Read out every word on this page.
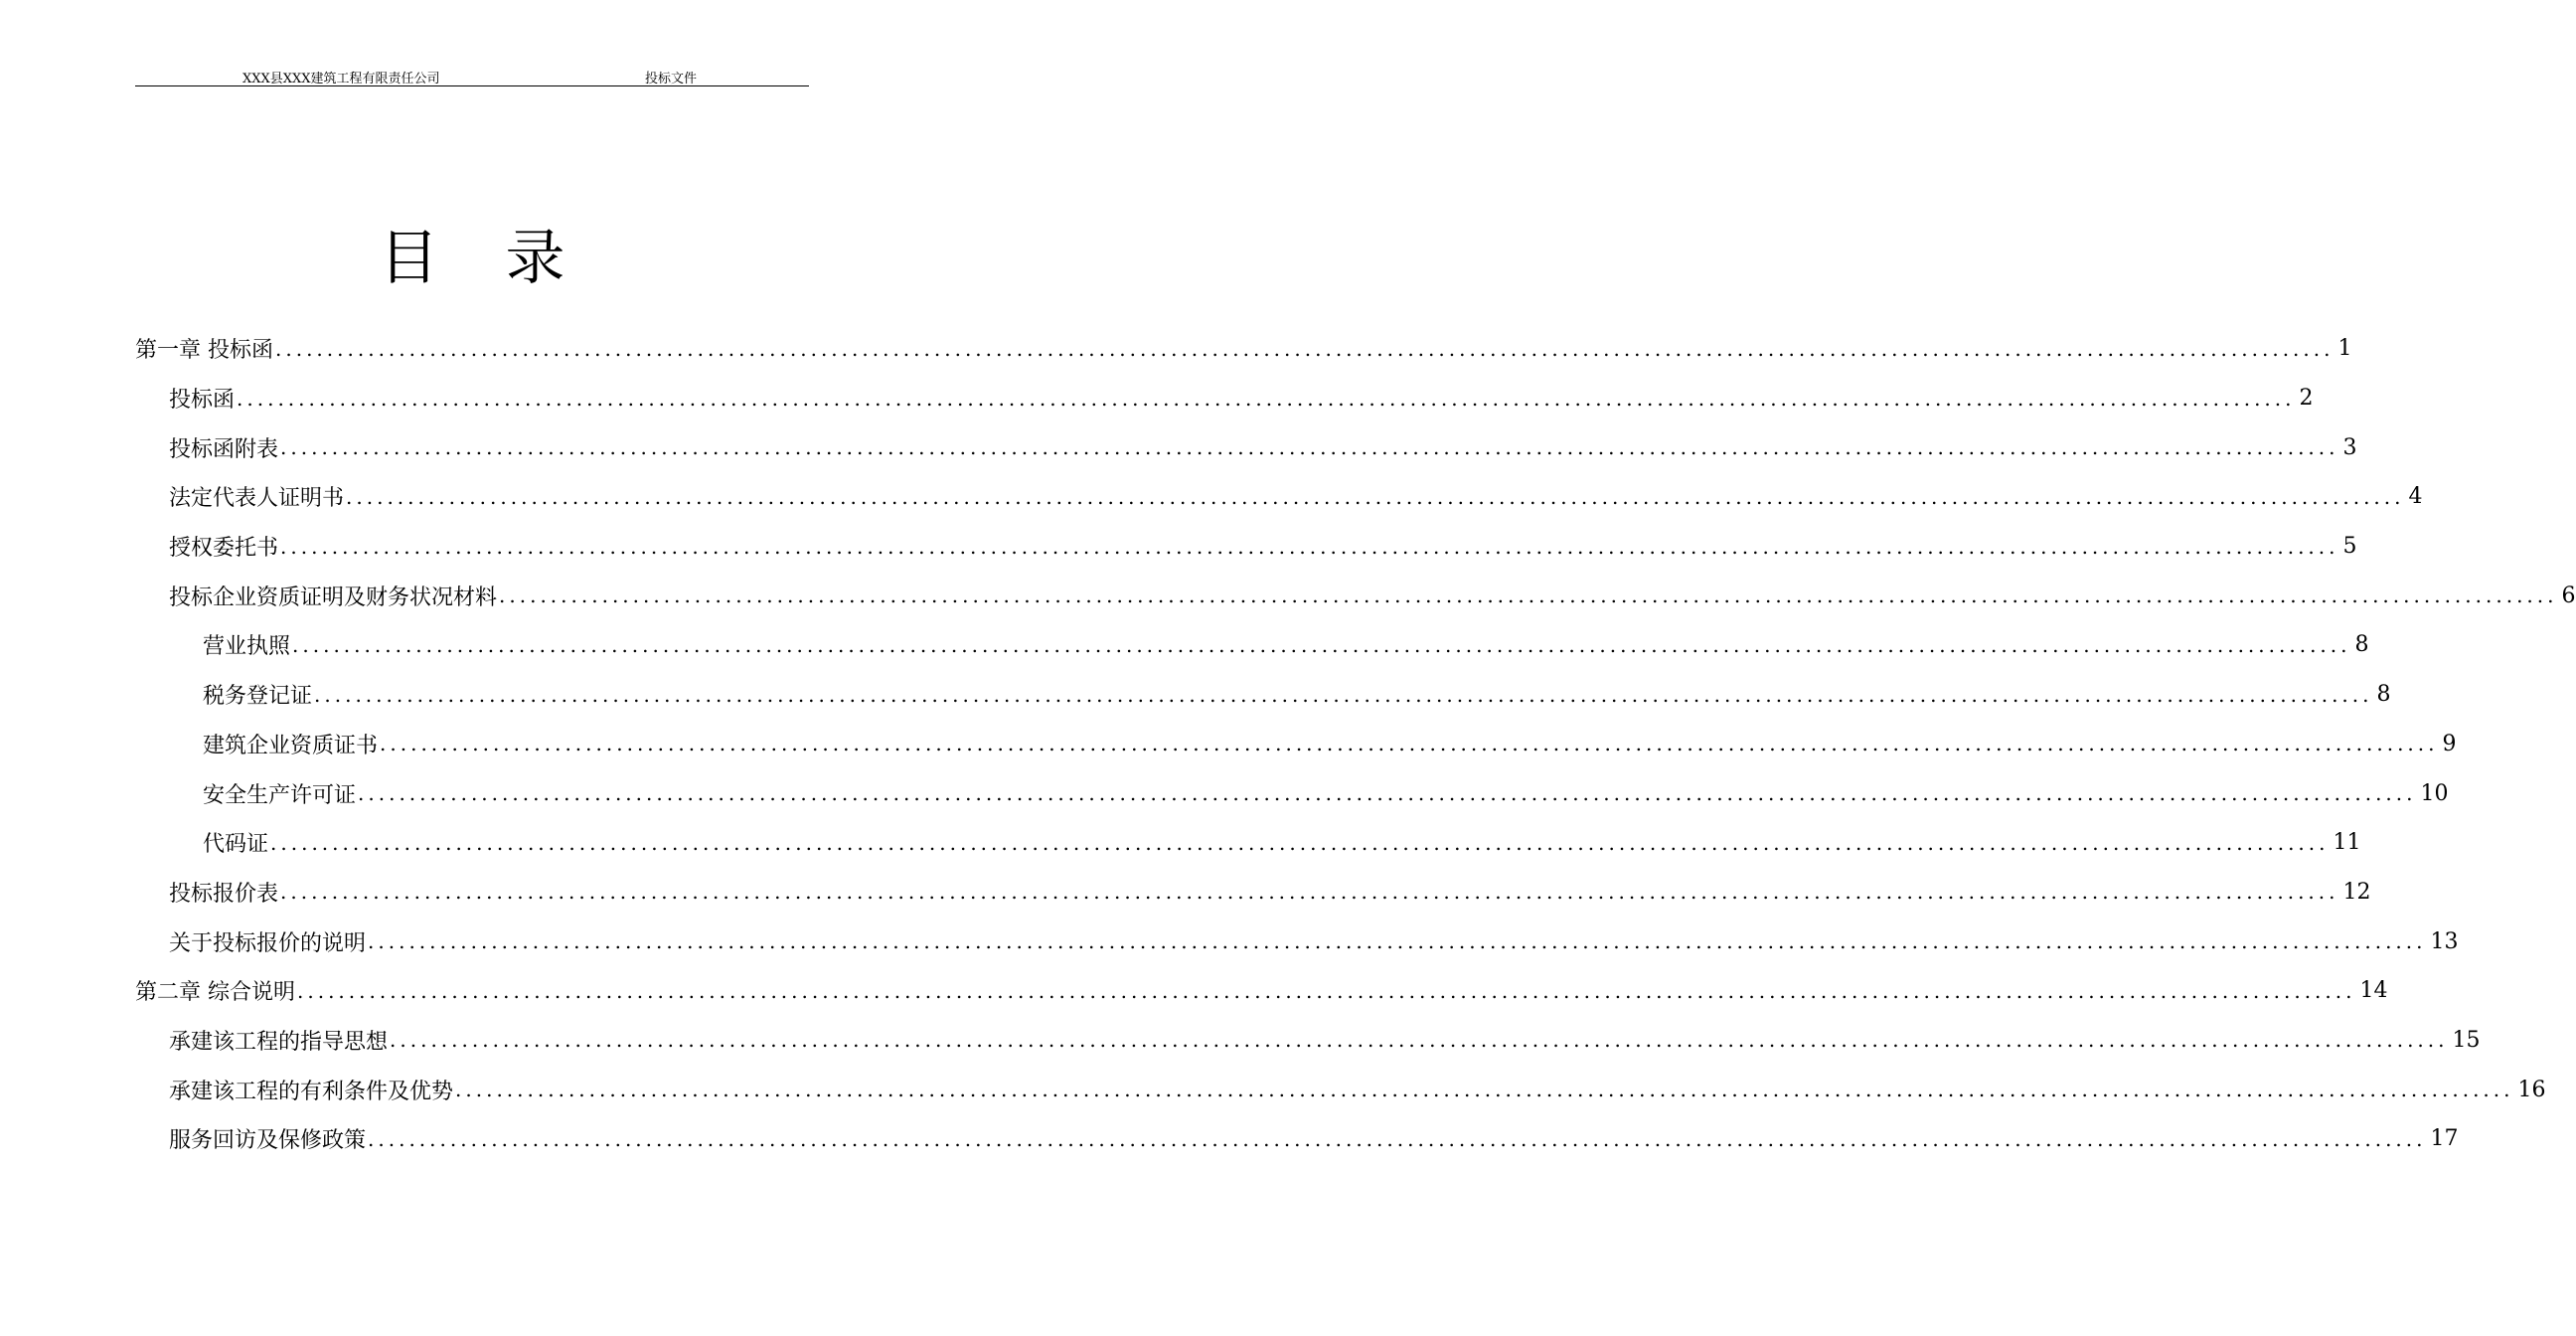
XXX县XXX建筑工程有限责任公司	投标文件
目 录
第一章 投标函 ........................................................................................................................................................................................................ 1
投标函 ........................................................................................................................................................................................................ 2
投标函附表 ........................................................................................................................................................................................................ 3
法定代表人证明书 ........................................................................................................................................................................................................ 4
授权委托书 ........................................................................................................................................................................................................ 5
投标企业资质证明及财务状况材料 ........................................................................................................................................................................................................ 6
营业执照 ........................................................................................................................................................................................................ 8
税务登记证 ........................................................................................................................................................................................................ 8
建筑企业资质证书 ........................................................................................................................................................................................................ 9
安全生产许可证 ........................................................................................................................................................................................................ 10
代码证 ........................................................................................................................................................................................................ 11
投标报价表 ........................................................................................................................................................................................................ 12
关于投标报价的说明 ........................................................................................................................................................................................................ 13
第二章 综合说明 ........................................................................................................................................................................................................ 14
承建该工程的指导思想 ........................................................................................................................................................................................................ 15
承建该工程的有利条件及优势 ........................................................................................................................................................................................................ 16
服务回访及保修政策 ........................................................................................................................................................................................................ 17
